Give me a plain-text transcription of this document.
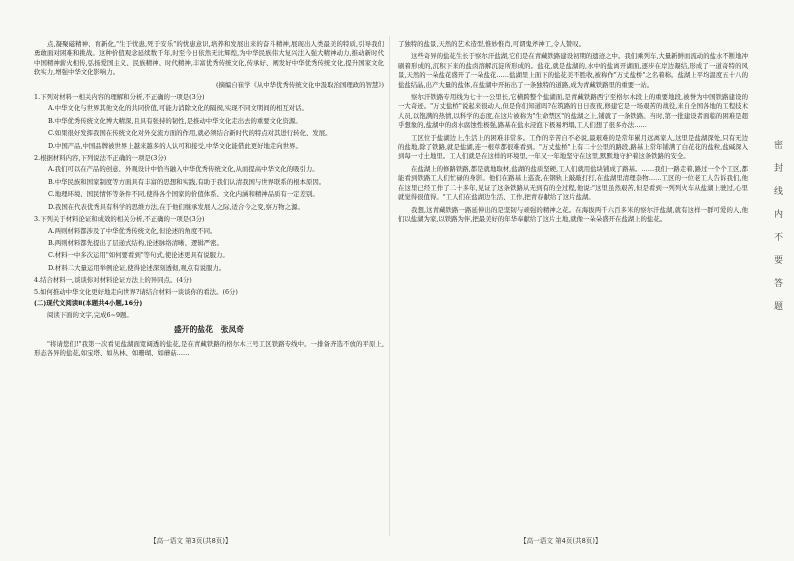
点,凝聚磁精神、育新化,"生于忧患,死于安乐"的忧患意识,培养和发展出来的奋斗精神,展现出人类最美的特质,引导我们勇敢面对困难和挑战。这种价值观念延续数千年,时至今日依然无比辉煌,为中华民族伟大复兴注入强大精神动力,推动新时代中国精神薪火相传,弘扬爱国主义、民族精神、时代精神,丰富优秀传统文化,传承好、阐发好中华优秀传统文化,提升国家文化软实力,增强中华文化影响力。

(摘编自崔学《从中华优秀传统文化中汲取治国理政的智慧》)

1.下列对材料一相关内容的理解和分析,不正确的一项是(3分)
A.中华文化与世界其他文化的共同价值,可能力消除文化的隔阂,实现不同文明间的相互对话。
B.中华优秀传统文化博大精深,且具有张持的韧性,是推动中华文化走出去的重要文化资源。
C.如果很好发挥我国在传统文化对外交流方面的作用,就必须结合新时代的特点对其进行转化、发展。
D.中国产品,中国品牌被世界上越来越多的人认可和接受,中华文化能借此更好地走向世界。
2.根据材料内容,下列说法不正确的一项是(3分)
A.我们可以在产品的创意、外观设计中恰当融入中华优秀传统文化,从而提高中华文化的吸引力。
B.中华民族和国家制度等方面具有丰富的思想和实践,有助于我们认清我国与世界联系的根本原因。
C.地理环境、国民情怀等条件不同,使得各个国家的价值体系、文化内涵和精神品质有一定差别。
D.我国在代表优秀具有科学的思维方法,在于他们继承发展人之际,适合今之变,察万物之源。
3.下列关于材料论证和成效的相关分析,不正确的一项是(3分)
A.两则材料都涉及了中华优秀传统文化,但论述的角度不同。
B.两则材料都先提出了层递式结构,论述脉络清晰、逻辑严密。
C.材料一中多次运用"如何要看到"等句式,使论述更具有说服力。
D.材料二大量运用举例论证,使得论述深刻透彻,观点有说服力。
4.结合材料一,谈谈你对材料论证方法上的异同点。(4分)
5.如何推动中华文化更好地走向世界?请结合材料一谈谈你的看法。(6分)

(二)现代文阅读Ⅱ(本题共4小题,16分)

阅读下面的文字,完成6~9题。

盛开的盐花  张凤奇

"将请您们!"我第一次看见盐湖面宽阔透的盐花,是在青藏铁路的格尔木三号工区铁路专线中。一排备齐选不放的平原上,形态各异的盐花,如宝塔、如丛林、如珊瑚、如蘑菇……

了独特的盐景,天然的艺术造型,惟妙惟肖,可谓鬼斧神工,令人赞叹。

这些奇异的盐花生长于察尔汗盐湖,它们是在青藏铁路建设初期的遗迹之中。我们乘列车,大量新鲜而流动的盐水不断地冲刷着形成的,沉积下来的盐卤溶解沉淀所形成的。盐花,就是盐湖的,水中的盐离开湖面,逐步在岸边凝结,形成了一道奇特的风景,天然的一朵盐花盛开了一朵盐花……盐湖里上面下的盐花美不胜收,被称作"万丈盐桥"之名着称。盐湖上平均温度五十八的盐盐结晶,出产大量的盐体,在盐湖中开拓出了一条独特的道路,成为青藏铁路里的重要一站。

察尔汗铁路专用线为七十一公里长,它横跨整个盐湖面,是青藏铁路西宁至格尔木段上的重要地段,被誉为中国铁路建设的一大奇迹。"万丈盐桥"说起来很动人,但是你们知道吗?在筑路的日日夜夜,修建它是一场艰苦的战役,来自全国各地的工程技术人员,以饱满的热情,以科学的态度,在这片被称为"生命禁区"的盐湖之上,铺就了一条铁路。当时,第一批建设者面临的困难是超乎想象的,盐湖中的卤水腐蚀性极强,路基在盐水浸泡下极易坍塌,工人们想了很多办法……

工区位于盐湖边上,生活上的困难非常多。工作的辛苦自不必说,最艰难的是常年累月远离家人,这里是盐湖深处,只有无边的盐地,除了铁路,就是盐湖,连一根草都很难看到。"万丈盐桥"上有二十公里的路段,路基上常年铺满了白花花的盐粒,盐碱深入到每一寸土地里。工人们就是在这样的环境里,一年又一年地坚守在这里,默默地守护着这条铁路的安全。

在盐湖上的修路铁路,都是就地取材,盐湖的盐质坚硬,工人们就用盐块铺成了路基。……我们一路走着,路过一个个工区,都能看到铁路工人们忙碌的身影。他们在路基上巡查,在钢轨上敲敲打打,在盐湖里清理杂物……工区的一位老工人告诉我们,他在这里已经工作了二十多年,见证了这条铁路从无到有的全过程,他说:"这里虽然艰苦,但是看到一列列火车从盐湖上驶过,心里就觉得很值得。"工人们在盐湖边生活、工作,把青春献给了这片盐湖。

我想,这青藏铁路一路延伸出的是坚韧与顽强的精神之花。在海拔两千六百多米的察尔汗盐湖,就有这样一群可爱的人,他们以盐湖为家,以铁路为伴,把最美好的年华奉献给了这片土地,就像一朵朵盛开在盐湖上的盐花。

【高一语文 第3页(共8页)】	【高一语文 第4页(共8页)】
密封线内不要答题
